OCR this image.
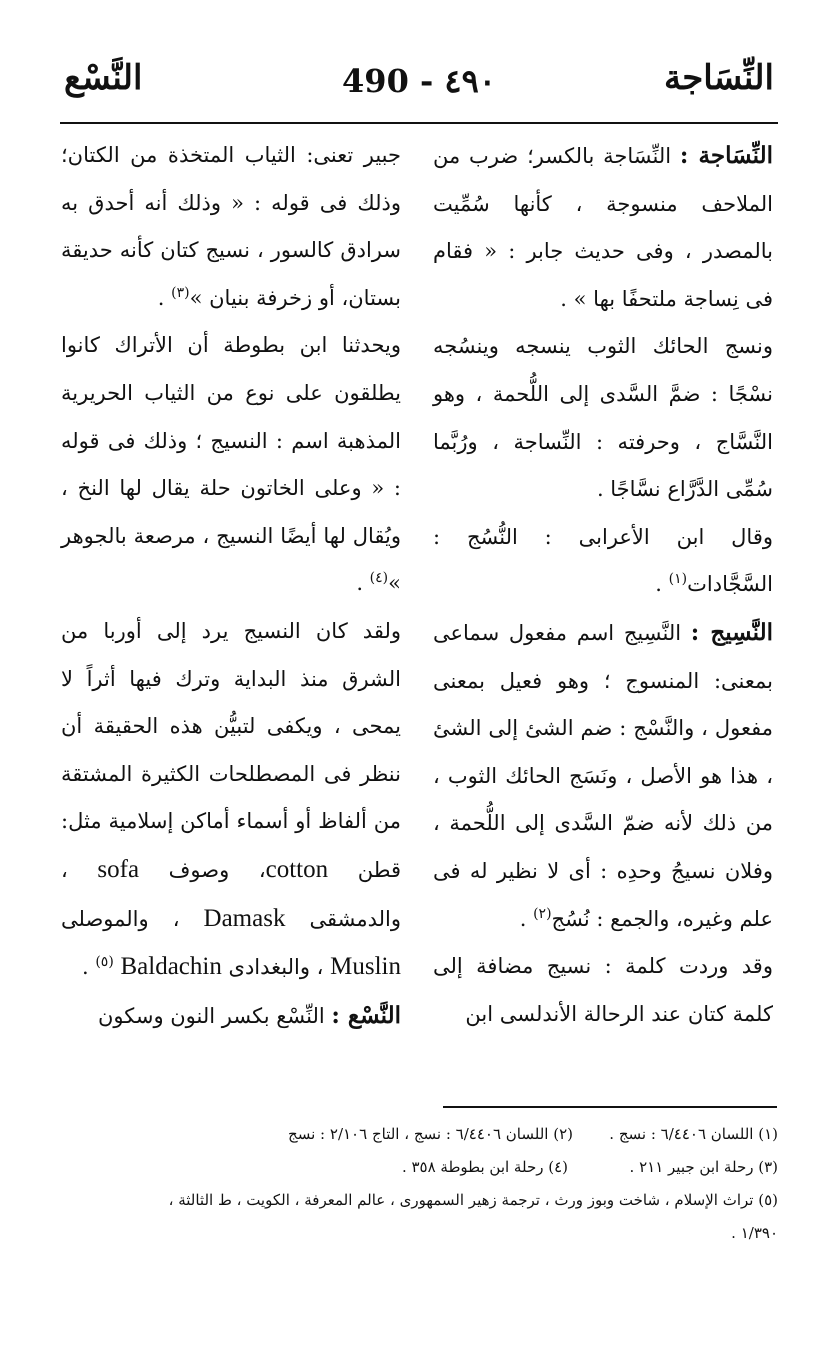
النَّسْع	490 - ٤٩٠	النِّسَاجة

النِّسَاجة : النِّسَاجة بالكسر؛ ضرب من الملاحف منسوجة ، كأنها سُمِّيت بالمصدر ، وفى حديث جابر : « فقام فى نِساجة ملتحفًا بها » .

ونسج الحائك الثوب ينسجه وينسُجه نسْجًا : ضمَّ السَّدى إلى اللُّحمة ، وهو النَّسَّاج ، وحرفته : النِّساجة ، ورُبَّما سُمِّى الدَّرَّاع نسَّاجًا .

وقال ابن الأعرابى : النُّسُج : السَّجَّادات$^{(١)}$ .

النَّسِيج : النَّسِيج اسم مفعول سماعى بمعنى: المنسوج ؛ وهو فعيل بمعنى مفعول ، والنَّسْج : ضم الشئ إلى الشئ ، هذا هو الأصل ، ونَسَج الحائك الثوب ، من ذلك لأنه ضمّ السَّدى إلى اللُّحمة ، وفلان نسيجُ وحدِه : أى لا نظير له فى علم وغيره، والجمع : نُسُج$^{(٢)}$ .

وقد وردت كلمة : نسيج مضافة إلى كلمة كتان عند الرحالة الأندلسى ابن

جبير تعنى: الثياب المتخذة من الكتان؛ وذلك فى قوله : « وذلك أنه أحدق به سرادق كالسور ، نسيج كتان كأنه حديقة بستان، أو زخرفة بنيان »$^{(٣)}$ .

ويحدثنا ابن بطوطة أن الأتراك كانوا يطلقون على نوع من الثياب الحريرية المذهبة اسم : النسيج ؛ وذلك فى قوله : « وعلى الخاتون حلة يقال لها النخ ، ويُقال لها أيضًا النسيج ، مرصعة بالجوهر »$^{(٤)}$ .

ولقد كان النسيج يرد إلى أوربا من الشرق منذ البداية وترك فيها أثراً لا يمحى ، ويكفى لتبيُّن هذه الحقيقة أن ننظر فى المصطلحات الكثيرة المشتقة من ألفاظ أو أسماء أماكن إسلامية مثل: قطن cotton، وصوف sofa ، والدمشقى Damask ، والموصلى Muslin ، والبغدادى Baldachin $^{(٥)}$ .

النَّسْع : النِّسْع بكسر النون وسكون

(١) اللسان ٦/٤٤٠٦ : نسج .
(٢) اللسان ٦/٤٤٠٦ : نسج ، التاج ٢/١٠٦ : نسج
(٣) رحلة ابن جبير ٢١١ .
(٤) رحلة ابن بطوطة ٣٥٨ .
(٥) تراث الإسلام ، شاخت وبوز ورث ، ترجمة زهير السمهورى ، عالم المعرفة ، الكويت ، ط الثالثة ،
١/٣٩٠ .
